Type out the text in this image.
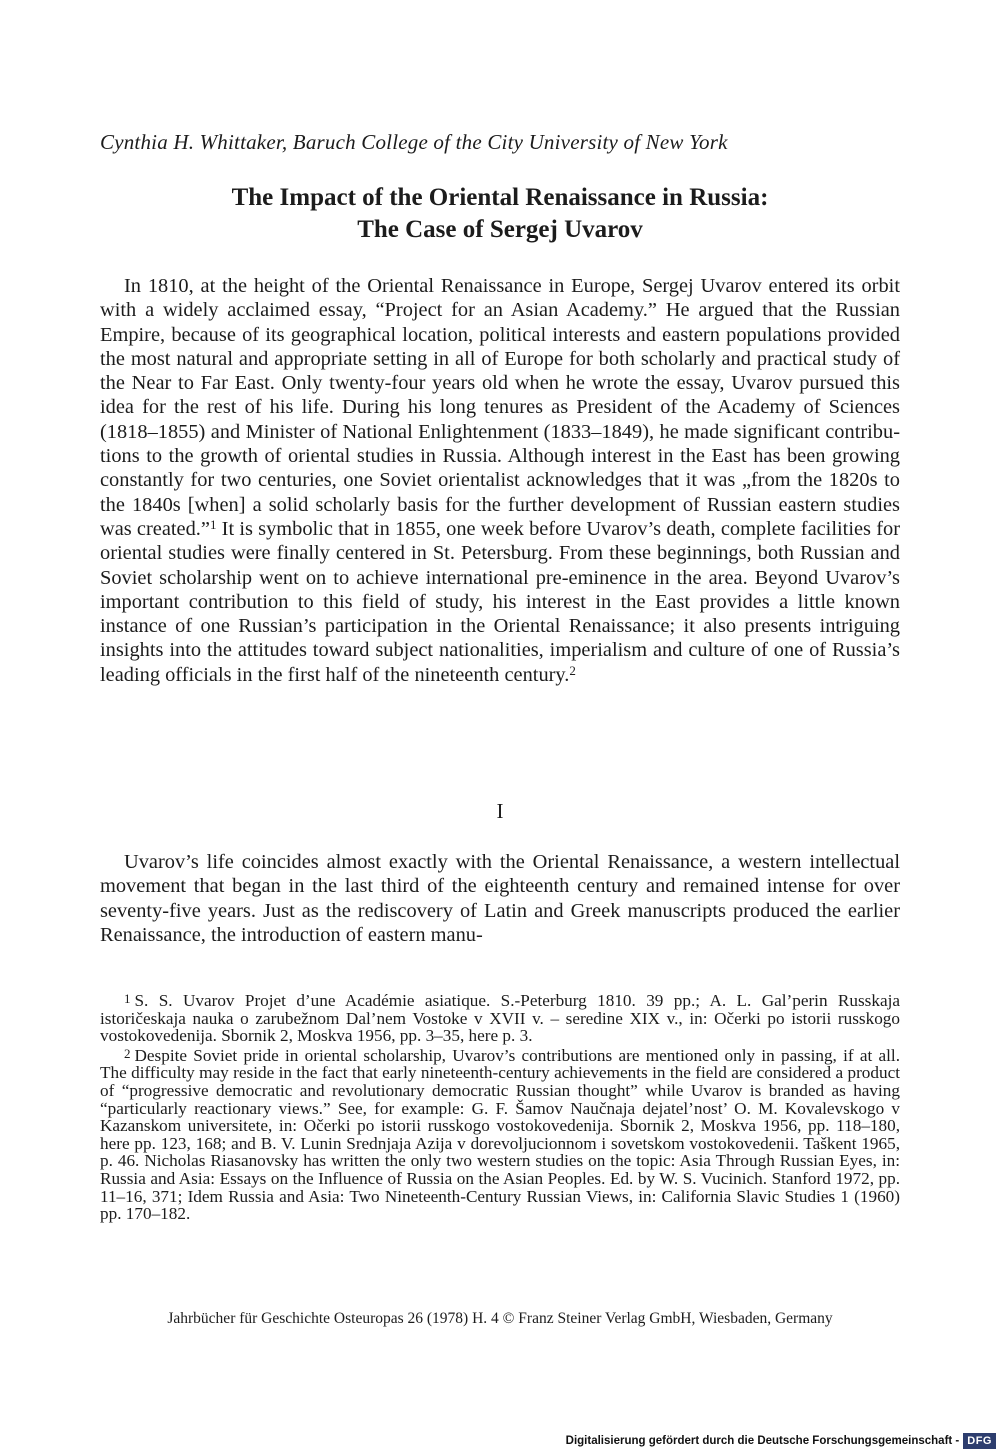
Cynthia H. Whittaker, Baruch College of the City University of New York
The Impact of the Oriental Renaissance in Russia:
The Case of Sergej Uvarov

In 1810, at the height of the Oriental Renaissance in Europe, Sergej Uvarov entered its orbit with a widely acclaimed essay, “Project for an Asian Academy.” He argued that the Russian Empire, because of its geographical location, political interests and eastern populations provided the most natural and appropriate setting in all of Europe for both scholarly and practical study of the Near to Far East. Only twenty-four years old when he wrote the essay, Uvarov pursued this idea for the rest of his life. During his long tenures as President of the Academy of Sciences (1818–1855) and Minister of National Enlightenment (1833–1849), he made significant contributions to the growth of oriental studies in Russia. Although interest in the East has been growing constantly for two centuries, one Soviet orientalist acknowledges that it was „from the 1820s to the 1840s [when] a solid scholarly basis for the further development of Russian eastern studies was created.”$^1$ It is symbolic that in 1855, one week before Uvarov’s death, complete facilities for oriental studies were finally centered in St. Petersburg. From these beginnings, both Russian and Soviet scholarship went on to achieve international pre-eminence in the area. Beyond Uvarov’s important contribution to this field of study, his interest in the East provides a little known instance of one Russian’s participation in the Oriental Renaissance; it also presents intriguing insights into the attitudes toward subject nationalities, imperialism and culture of one of Russia’s leading officials in the first half of the nineteenth century.$^2$

I

Uvarov’s life coincides almost exactly with the Oriental Renaissance, a western intellectual movement that began in the last third of the eighteenth century and remained intense for over seventy-five years. Just as the rediscovery of Latin and Greek manuscripts produced the earlier Renaissance, the introduction of eastern manu-

1 S. S. Uvarov Projet d’une Académie asiatique. S.-Peterburg 1810. 39 pp.; A. L. Gal’perin Russkaja istoričeskaja nauka o zarubežnom Dal’nem Vostoke v XVII v. – seredine XIX v., in: Očerki po istorii russkogo vostokovedenija. Sbornik 2, Moskva 1956, pp. 3–35, here p. 3.

2 Despite Soviet pride in oriental scholarship, Uvarov’s contributions are mentioned only in passing, if at all. The difficulty may reside in the fact that early nineteenth-century achievements in the field are considered a product of “progressive democratic and revolutionary democratic Russian thought” while Uvarov is branded as having “particularly reactionary views.” See, for example: G. F. Šamov Naučnaja dejatel’nost’ O. M. Kovalevskogo v Kazanskom universitete, in: Očerki po istorii russkogo vostokovedenija. Sbornik 2, Moskva 1956, pp. 118–180, here pp. 123, 168; and B. V. Lunin Srednjaja Azija v dorevoljucionnom i sovetskom vostokovedenii. Taškent 1965, p. 46. Nicholas Riasanovsky has written the only two western studies on the topic: Asia Through Russian Eyes, in: Russia and Asia: Essays on the Influence of Russia on the Asian Peoples. Ed. by W. S. Vucinich. Stanford 1972, pp. 11–16, 371; Idem Russia and Asia: Two Nineteenth-Century Russian Views, in: California Slavic Studies 1 (1960) pp. 170–182.

Jahrbücher für Geschichte Osteuropas 26 (1978) H. 4 © Franz Steiner Verlag GmbH, Wiesbaden, Germany
Digitalisierung gefördert durch die Deutsche Forschungsgemeinschaft - DFG
